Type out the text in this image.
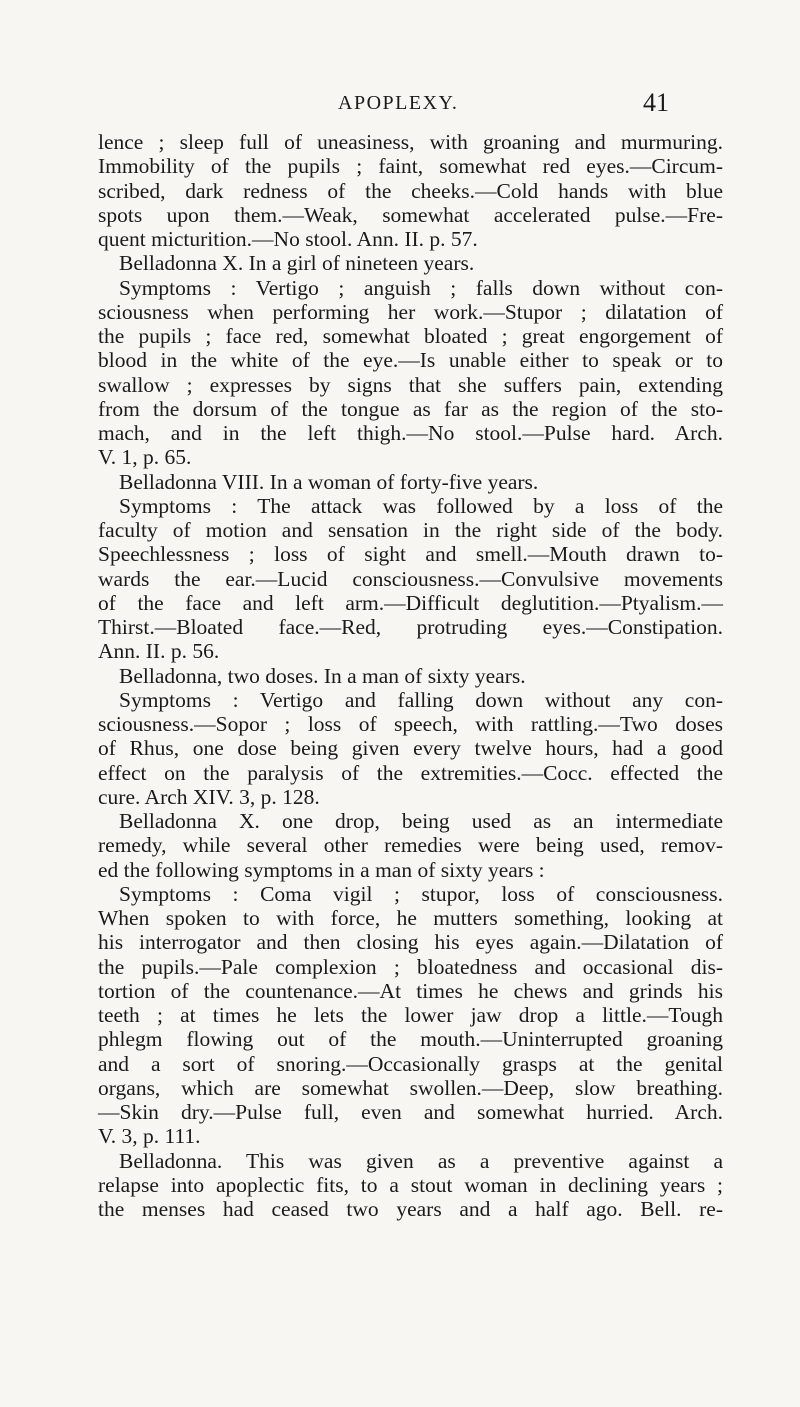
APOPLEXY.	41
lence ; sleep full of uneasiness, with groaning and murmuring.
Immobility of the pupils ; faint, somewhat red eyes.—Circum-
scribed, dark redness of the cheeks.—Cold hands with blue
spots upon them.—Weak, somewhat accelerated pulse.—Fre-
quent micturition.—No stool. Ann. II. p. 57.
Belladonna X. In a girl of nineteen years.
Symptoms : Vertigo ; anguish ; falls down without con-
sciousness when performing her work.—Stupor ; dilatation of
the pupils ; face red, somewhat bloated ; great engorgement of
blood in the white of the eye.—Is unable either to speak or to
swallow ; expresses by signs that she suffers pain, extending
from the dorsum of the tongue as far as the region of the sto-
mach, and in the left thigh.—No stool.—Pulse hard. Arch.
V. 1, p. 65.
Belladonna VIII. In a woman of forty-five years.
Symptoms : The attack was followed by a loss of the
faculty of motion and sensation in the right side of the body.
Speechlessness ; loss of sight and smell.—Mouth drawn to-
wards the ear.—Lucid consciousness.—Convulsive movements
of the face and left arm.—Difficult deglutition.—Ptyalism.—
Thirst.—Bloated face.—Red, protruding eyes.—Constipation.
Ann. II. p. 56.
Belladonna, two doses. In a man of sixty years.
Symptoms : Vertigo and falling down without any con-
sciousness.—Sopor ; loss of speech, with rattling.—Two doses
of Rhus, one dose being given every twelve hours, had a good
effect on the paralysis of the extremities.—Cocc. effected the
cure. Arch XIV. 3, p. 128.
Belladonna X. one drop, being used as an intermediate
remedy, while several other remedies were being used, remov-
ed the following symptoms in a man of sixty years :
Symptoms : Coma vigil ; stupor, loss of consciousness.
When spoken to with force, he mutters something, looking at
his interrogator and then closing his eyes again.—Dilatation of
the pupils.—Pale complexion ; bloatedness and occasional dis-
tortion of the countenance.—At times he chews and grinds his
teeth ; at times he lets the lower jaw drop a little.—Tough
phlegm flowing out of the mouth.—Uninterrupted groaning
and a sort of snoring.—Occasionally grasps at the genital
organs, which are somewhat swollen.—Deep, slow breathing.
—Skin dry.—Pulse full, even and somewhat hurried. Arch.
V. 3, p. 111.
Belladonna. This was given as a preventive against a
relapse into apoplectic fits, to a stout woman in declining years ;
the menses had ceased two years and a half ago. Bell. re-
